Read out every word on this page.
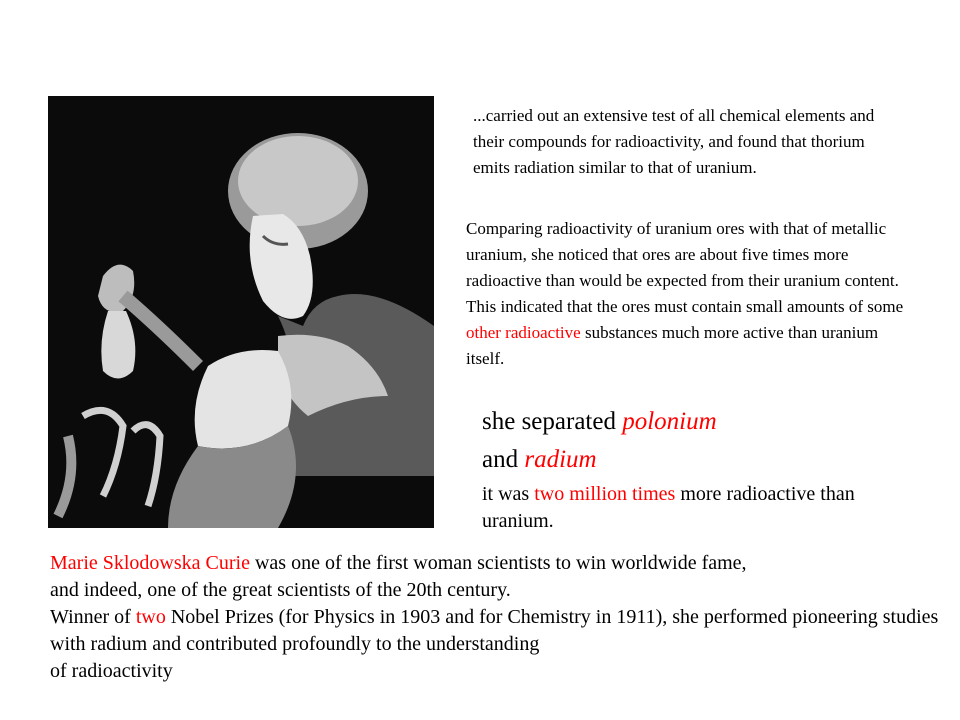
...carried out an extensive test of all chemical elements and their compounds for radioactivity, and found that thorium emits radiation similar to that of uranium.
Comparing radioactivity of uranium ores with that of metallic uranium, she noticed that ores are about five times more radioactive than would be expected from their uranium content. This indicated that the ores must contain small amounts of some other radioactive substances much more active than uranium itself.
she separated polonium
and radium
it was two million times more radioactive than uranium.
Marie Sklodowska Curie was one of the first woman scientists to win worldwide fame,
and indeed, one of the great scientists of the 20th century.
Winner of two Nobel Prizes (for Physics in 1903 and for Chemistry in 1911), she performed pioneering studies with radium and contributed profoundly to the understanding
of radioactivity
